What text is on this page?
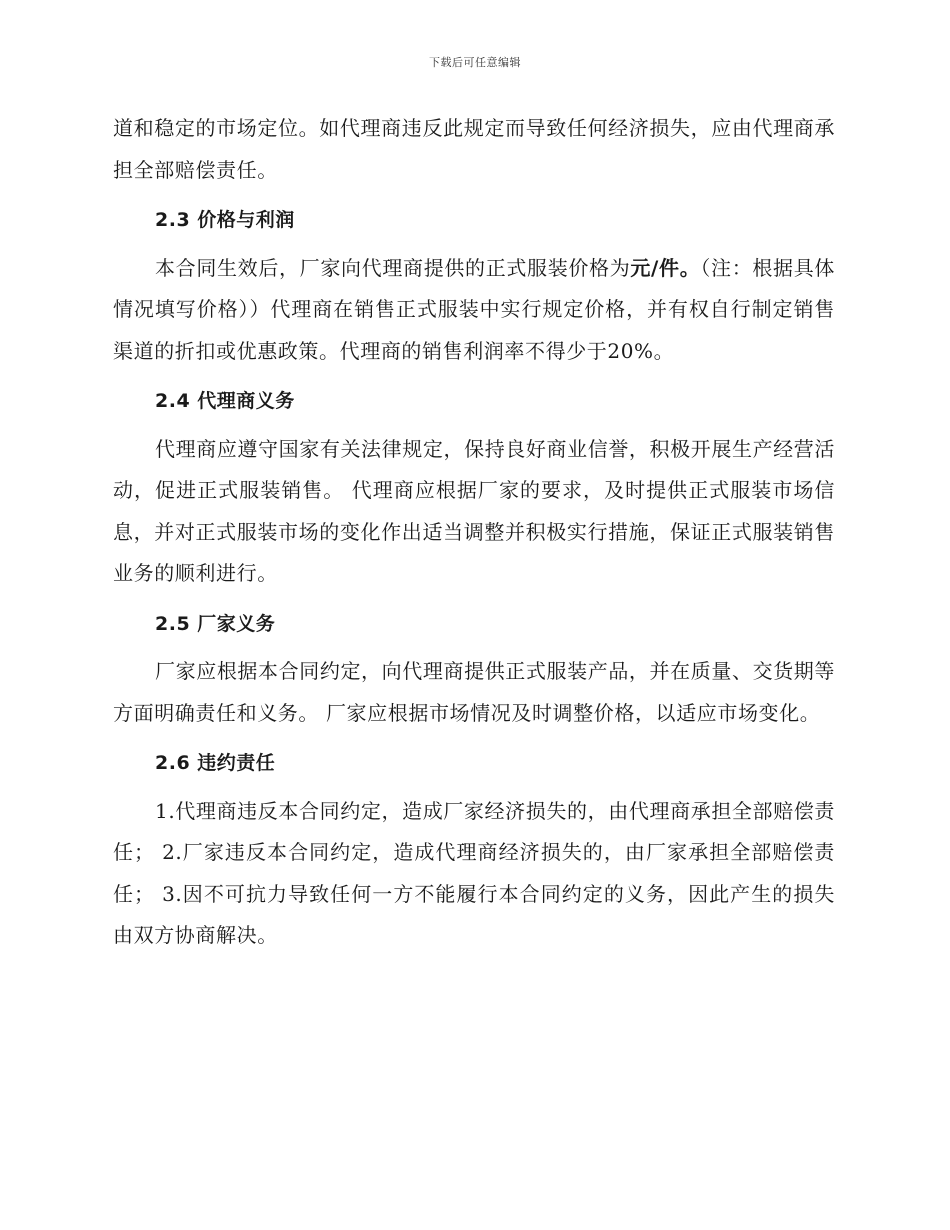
下载后可任意编辑

道和稳定的市场定位。如代理商违反此规定而导致任何经济损失，应由代理商承担全部赔偿责任。

2.3 价格与利润

本合同生效后，厂家向代理商提供的正式服装价格为元/件。（注：根据具体情况填写价格））代理商在销售正式服装中实行规定价格，并有权自行制定销售渠道的折扣或优惠政策。代理商的销售利润率不得少于20%。

2.4 代理商义务

代理商应遵守国家有关法律规定，保持良好商业信誉，积极开展生产经营活动，促进正式服装销售。 代理商应根据厂家的要求，及时提供正式服装市场信息，并对正式服装市场的变化作出适当调整并积极实行措施，保证正式服装销售业务的顺利进行。

2.5 厂家义务

厂家应根据本合同约定，向代理商提供正式服装产品，并在质量、交货期等方面明确责任和义务。 厂家应根据市场情况及时调整价格，以适应市场变化。

2.6 违约责任

1.代理商违反本合同约定，造成厂家经济损失的，由代理商承担全部赔偿责任； 2.厂家违反本合同约定，造成代理商经济损失的，由厂家承担全部赔偿责任； 3.因不可抗力导致任何一方不能履行本合同约定的义务，因此产生的损失由双方协商解决。
